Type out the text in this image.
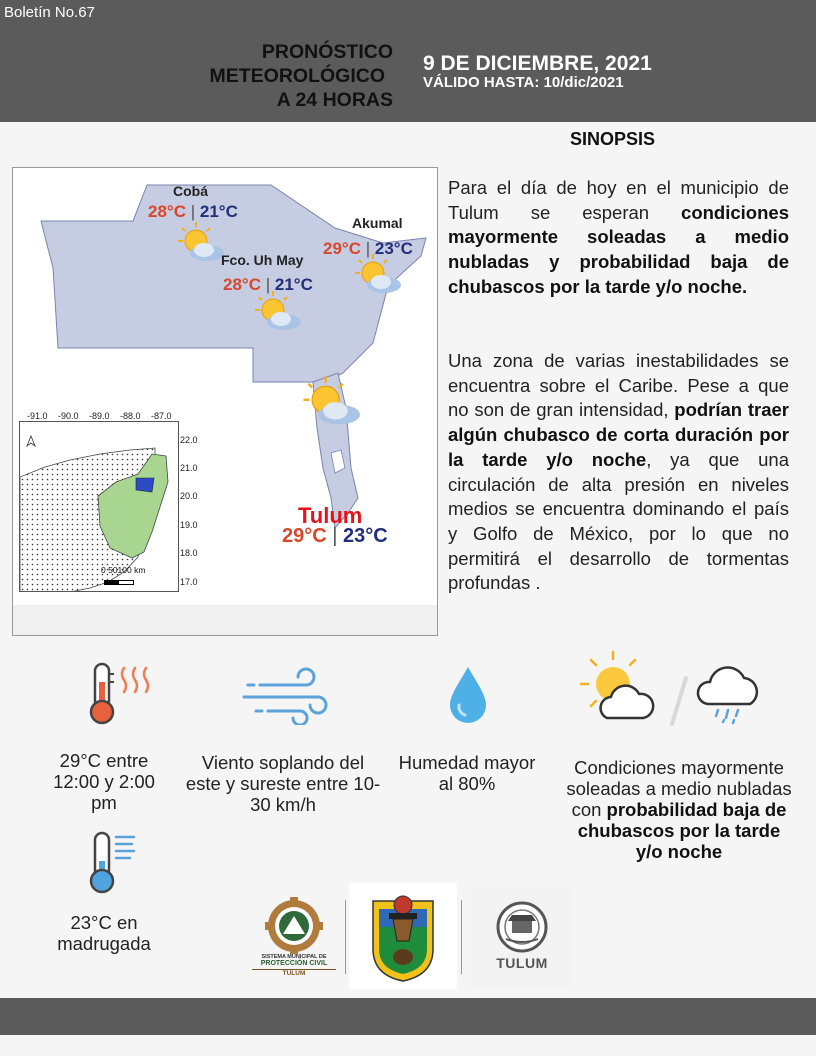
Boletín No.67
PRONÓSTICO
METEOROLÓGICO
A 24 HORAS
9 DE DICIEMBRE, 2021
VÁLIDO HASTA: 10/dic/2021
SINOPSIS
Cobá
28°C | 21°C
Akumal
29°C | 23°C
Fco. Uh May
28°C | 21°C
Tulum
29°C | 23°C
-91.0 -90.0 -89.0 -88.0 -87.0
22.0
21.0
20.0
19.0
18.0
17.0
0 50100 km
Para el día de hoy en el municipio de Tulum se esperan condiciones mayormente soleadas a medio nubladas y probabilidad baja de chubascos por la tarde y/o noche.
Una zona de varias inestabilidades se encuentra sobre el Caribe. Pese a que no son de gran intensidad, podrían traer algún chubasco de corta duración por la tarde y/o noche, ya que una circulación de alta presión en niveles medios se encuentra dominando el país y Golfo de México, por lo que no permitirá el desarrollo de tormentas profundas .
29°C entre 12:00 y 2:00 pm
Viento soplando del este y sureste entre 10-30 km/h
Humedad mayor al 80%
Condiciones mayormente soleadas a medio nubladas con probabilidad baja de chubascos por la tarde y/o noche
23°C en madrugada
SISTEMA MUNICIPAL DE
PROTECCIÓN CIVIL
TULUM
TULUM
